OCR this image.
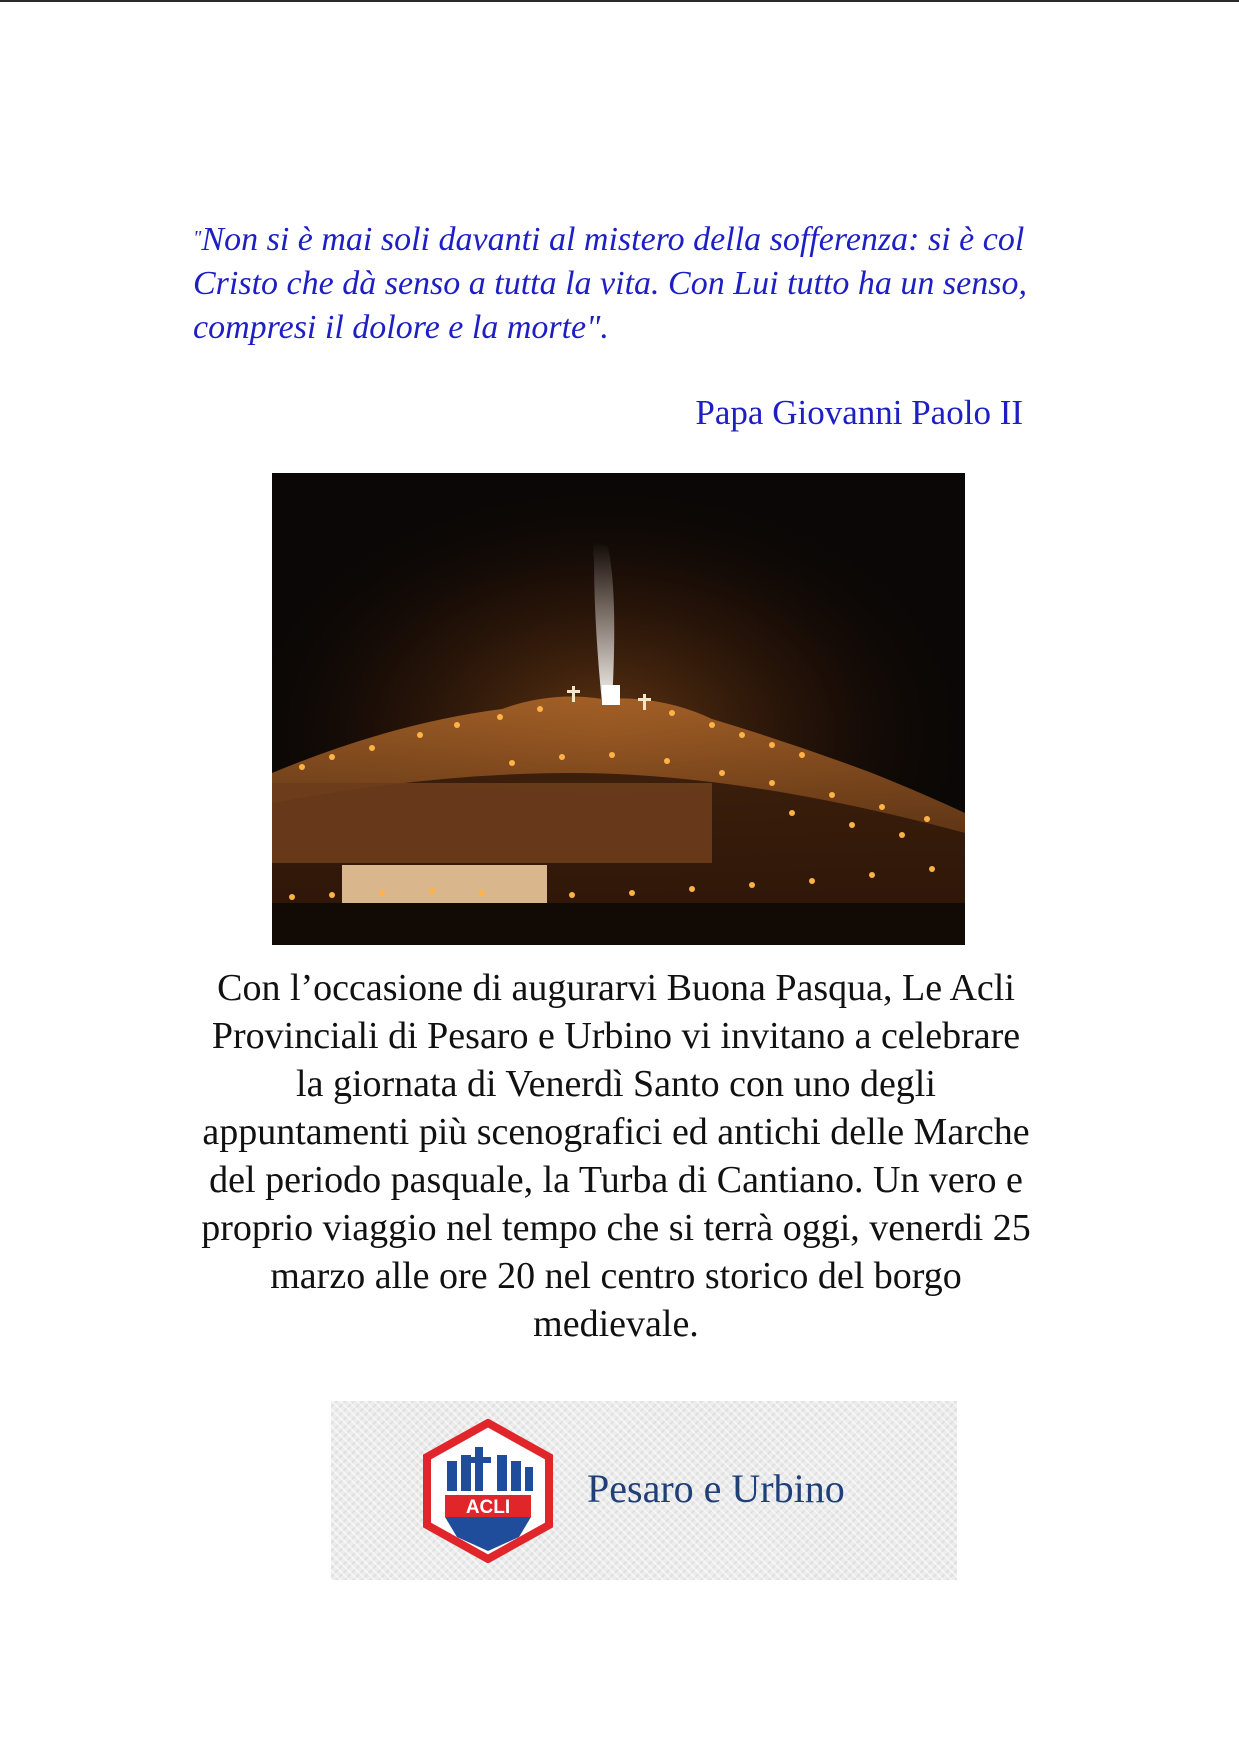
"Non si è mai soli davanti al mistero della sofferenza: si è col Cristo che dà senso a tutta la vita. Con Lui tutto ha un senso, compresi il dolore e la morte".

Papa Giovanni Paolo II

Con l’occasione di augurarvi Buona Pasqua, Le Acli Provinciali di Pesaro e Urbino vi invitano a celebrare la giornata di Venerdì Santo con uno degli appuntamenti più scenografici ed antichi delle Marche del periodo pasquale, la Turba di Cantiano. Un vero e proprio viaggio nel tempo che si terrà oggi, venerdi 25 marzo alle ore 20 nel centro storico del borgo medievale.

ACLI Pesaro e Urbino
